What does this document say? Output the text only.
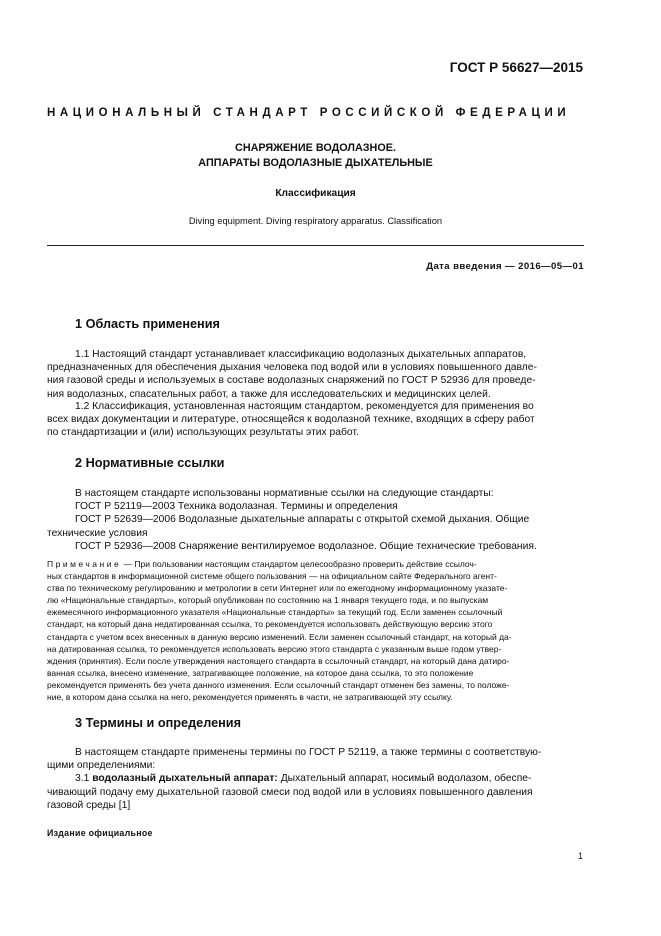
ГОСТ Р 56627—2015
НАЦИОНАЛЬНЫЙ СТАНДАРТ РОССИЙСКОЙ ФЕДЕРАЦИИ
СНАРЯЖЕНИЕ ВОДОЛАЗНОЕ.
АППАРАТЫ ВОДОЛАЗНЫЕ ДЫХАТЕЛЬНЫЕ
Классификация
Diving equipment. Diving respiratory apparatus. Classification
Дата введения — 2016—05—01
1 Область применения
1.1 Настоящий стандарт устанавливает классификацию водолазных дыхательных аппаратов,
предназначенных для обеспечения дыхания человека под водой или в условиях повышенного давле-
ния газовой среды и используемых в составе водолазных снаряжений по ГОСТ Р 52936 для проведе-
ния водолазных, спасательных работ, а также для исследовательских и медицинских целей.
1.2 Классификация, установленная настоящим стандартом, рекомендуется для применения во
всех видах документации и литературе, относящейся к водолазной технике, входящих в сферу работ
по стандартизации и (или) использующих результаты этих работ.
2 Нормативные ссылки
В настоящем стандарте использованы нормативные ссылки на следующие стандарты:
ГОСТ Р 52119—2003 Техника водолазная. Термины и определения
ГОСТ Р 52639—2006 Водолазные дыхательные аппараты с открытой схемой дыхания. Общие
технические условия
ГОСТ Р 52936—2008 Снаряжение вентилируемое водолазное. Общие технические требования.
Примечание — При пользовании настоящим стандартом целесообразно проверить действие ссылоч-
ных стандартов в информационной системе общего пользования — на официальном сайте Федерального агент-
ства по техническому регулированию и метрологии в сети Интернет или по ежегодному информационному указате-
лю «Национальные стандарты», который опубликован по состоянию на 1 января текущего года, и по выпускам
ежемесячного информационного указателя «Национальные стандарты» за текущий год. Если заменен ссылочный
стандарт, на который дана недатированная ссылка, то рекомендуется использовать действующую версию этого
стандарта с учетом всех внесенных в данную версию изменений. Если заменен ссылочный стандарт, на который да-
на датированная ссылка, то рекомендуется использовать версию этого стандарта с указанным выше годом утвер-
ждения (принятия). Если после утверждения настоящего стандарта в ссылочный стандарт, на который дана датиро-
ванная ссылка, внесено изменение, затрагивающее положение, на которое дана ссылка, то это положение
рекомендуется применять без учета данного изменения. Если ссылочный стандарт отменен без замены, то положе-
ние, в котором дана ссылка на него, рекомендуется применять в части, не затрагивающей эту ссылку.
3 Термины и определения
В настоящем стандарте применены термины по ГОСТ Р 52119, а также термины с соответствую-
щими определениями:
3.1 водолазный дыхательный аппарат: Дыхательный аппарат, носимый водолазом, обеспе-
чивающий подачу ему дыхательной газовой смеси под водой или в условиях повышенного давления
газовой среды [1]
Издание официальное
1
